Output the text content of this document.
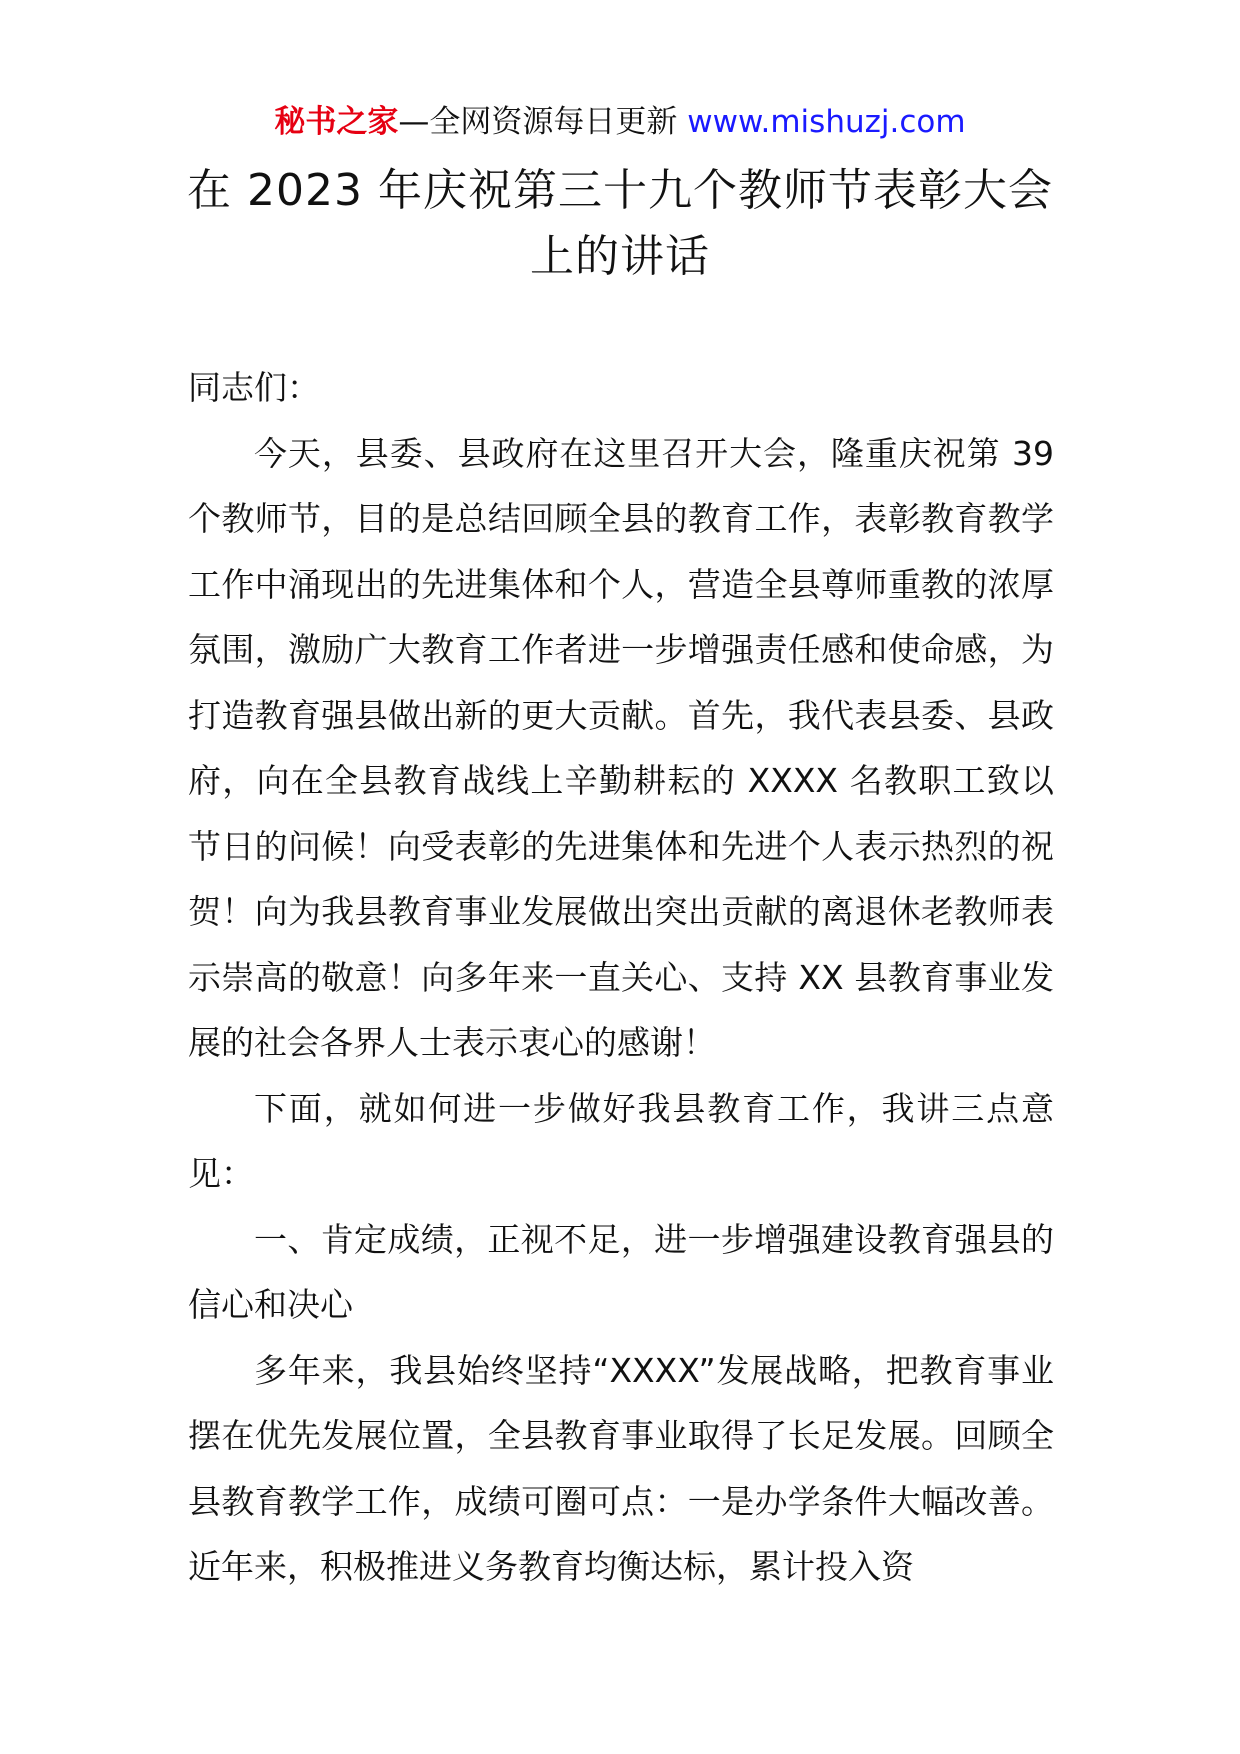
秘书之家—全网资源每日更新 www.mishuzj.com
在 2023 年庆祝第三十九个教师节表彰大会
上的讲话

同志们：

今天，县委、县政府在这里召开大会，隆重庆祝第 39 个教师节，目的是总结回顾全县的教育工作，表彰教育教学工作中涌现出的先进集体和个人，营造全县尊师重教的浓厚氛围，激励广大教育工作者进一步增强责任感和使命感，为打造教育强县做出新的更大贡献。首先，我代表县委、县政府，向在全县教育战线上辛勤耕耘的 XXXX 名教职工致以节日的问候！向受表彰的先进集体和先进个人表示热烈的祝贺！向为我县教育事业发展做出突出贡献的离退休老教师表示崇高的敬意！向多年来一直关心、支持 XX 县教育事业发展的社会各界人士表示衷心的感谢！

下面，就如何进一步做好我县教育工作，我讲三点意见：

一、肯定成绩，正视不足，进一步增强建设教育强县的信心和决心

多年来，我县始终坚持“XXXX”发展战略，把教育事业摆在优先发展位置，全县教育事业取得了长足发展。回顾全县教育教学工作，成绩可圈可点：一是办学条件大幅改善。近年来，积极推进义务教育均衡达标，累计投入资
